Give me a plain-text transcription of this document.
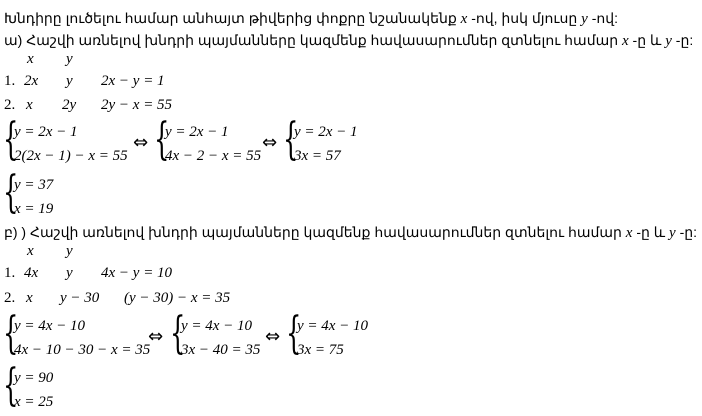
Խնդիրը լուծելու համար անհայտ թիվերից փոքրը նշանակենք x -ով, իսկ մյուսը y -ով:
ա) Հաշվի առնելով խնդրի պայմանները կազմենք հավասարումներ զտնելու համար x -ը և y -ը:
x y
1. 2x y 2x − y = 1
2. x 2y 2y − x = 55
{
y = 2x − 1
2(2x − 1) − x = 55
⇔ {
y = 2x − 1
4x − 2 − x = 55
⇔ {
y = 2x − 1
3x = 57
{
y = 37
x = 19
բ) ) Հաշվի առնելով խնդրի պայմանները կազմենք հավասարումներ զտնելու համար x -ը և y -ը:
x y
1. 4x y 4x − y = 10
2. x y − 30 (y − 30) − x = 35
{
y = 4x − 10
4x − 10 − 30 − x = 35
⇔ {
y = 4x − 10
3x − 40 = 35
⇔ {
y = 4x − 10
3x = 75
{
y = 90
x = 25
